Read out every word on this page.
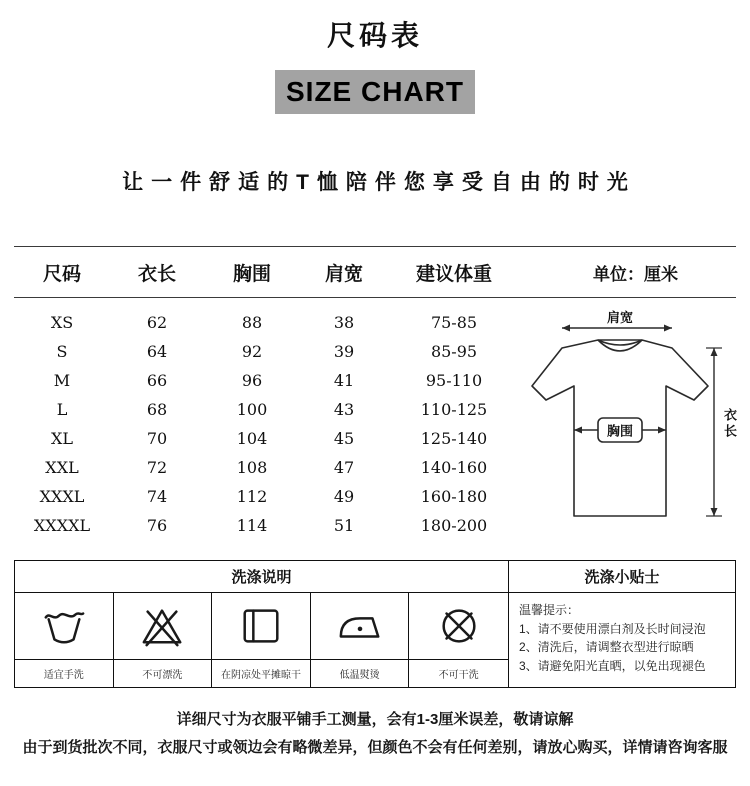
尺码表
SIZE CHART
让一件舒适的T恤陪伴您享受自由的时光
尺码	衣长	胸围	肩宽	建议体重	单位：厘米
XS	62	88	38	75-85
S	64	92	39	85-95
M	66	96	41	95-110
L	68	100	43	110-125
XL	70	104	45	125-140
XXL	72	108	47	140-160
XXXL	74	112	49	160-180
XXXXL	76	114	51	180-200
肩宽
胸围	衣长
洗涤说明	洗涤小贴士
适宜手洗	不可漂洗	在阴凉处平摊晾干	低温熨烫	不可干洗
温馨提示：
1、请不要使用漂白剂及长时间浸泡
2、清洗后，请调整衣型进行晾晒
3、请避免阳光直晒，以免出现褪色
详细尺寸为衣服平铺手工测量，会有1-3厘米误差，敬请谅解
由于到货批次不同，衣服尺寸或领边会有略微差异，但颜色不会有任何差别，请放心购买，详情请咨询客服
